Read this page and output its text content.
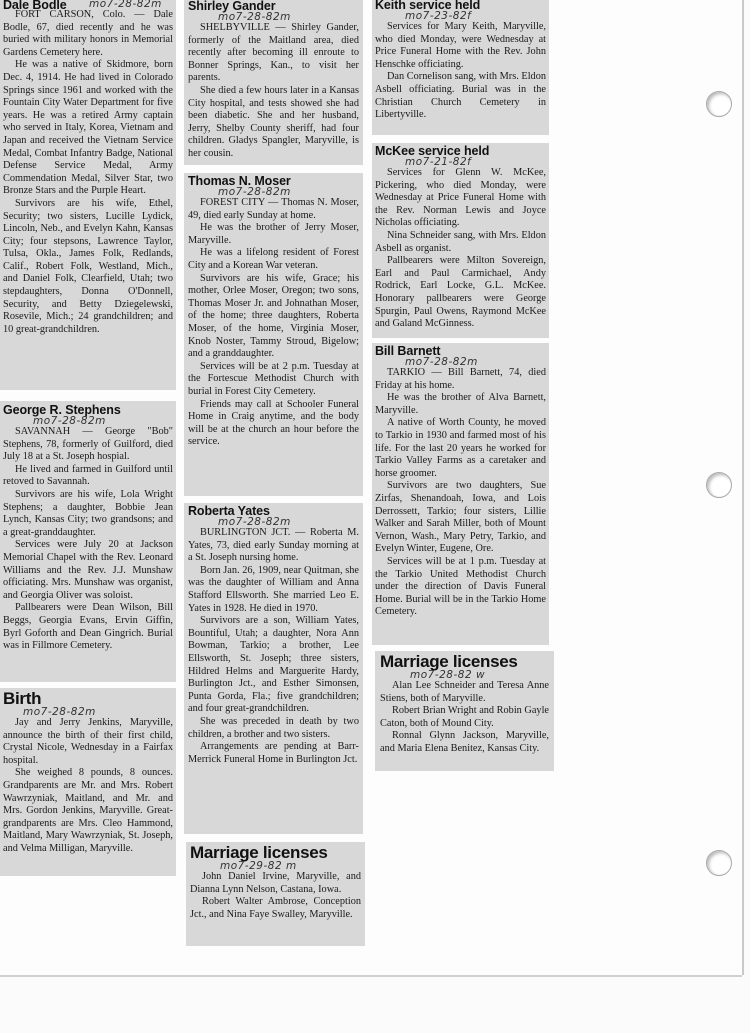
Dale Bodle	mo7-28-82m

FORT CARSON, Colo. — Dale Bodle, 67, died recently and he was buried with military honors in Memorial Gardens Cemetery here.

He was a native of Skidmore, born Dec. 4, 1914. He had lived in Colorado Springs since 1961 and worked with the Fountain City Water Department for five years. He was a retired Army captain who served in Italy, Korea, Vietnam and Japan and received the Vietnam Service Medal, Combat Infantry Badge, National Defense Service Medal, Army Commendation Medal, Silver Star, two Bronze Stars and the Purple Heart.

Survivors are his wife, Ethel, Security; two sisters, Lucille Lydick, Lincoln, Neb., and Evelyn Kahn, Kansas City; four stepsons, Lawrence Taylor, Tulsa, Okla., James Folk, Redlands, Calif., Robert Folk, Westland, Mich., and Daniel Folk, Clearfield, Utah; two stepdaughters, Donna O'Donnell, Security, and Betty Dziegelewski, Rosevile, Mich.; 24 grandchildren; and 10 great-grandchildren.

George R. Stephens
mo7-28-82m

SAVANNAH — George "Bob" Stephens, 78, formerly of Guilford, died July 18 at a St. Joseph hospial.

He lived and farmed in Guilford until retoved to Savannah.

Survivors are his wife, Lola Wright Stephens; a daughter, Bobbie Jean Lynch, Kansas City; two grandsons; and a great-granddaughter.

Services were July 20 at Jackson Memorial Chapel with the Rev. Leonard Williams and the Rev. J.J. Munshaw officiating. Mrs. Munshaw was organist, and Georgia Oliver was soloist.

Pallbearers were Dean Wilson, Bill Beggs, Georgia Evans, Ervin Giffin, Byrl Goforth and Dean Gingrich. Burial was in Fillmore Cemetery.

Birth
mo7-28-82m

Jay and Jerry Jenkins, Maryville, announce the birth of their first child, Crystal Nicole, Wednesday in a Fairfax hospital.

She weighed 8 pounds, 8 ounces. Grandparents are Mr. and Mrs. Robert Wawrzyniak, Maitland, and Mr. and Mrs. Gordon Jenkins, Maryville. Great-grandparents are Mrs. Cleo Hammond, Maitland, Mary Wawrzyniak, St. Joseph, and Velma Milligan, Maryville.

Shirley Gander
mo7-28-82m

SHELBYVILLE — Shirley Gander, formerly of the Maitland area, died recently after becoming ill enroute to Bonner Springs, Kan., to visit her parents.

She died a few hours later in a Kansas City hospital, and tests showed she had been diabetic. She and her husband, Jerry, Shelby County sheriff, had four children. Gladys Spangler, Maryville, is her cousin.

Thomas N. Moser
mo7-28-82m

FOREST CITY — Thomas N. Moser, 49, died early Sunday at home.

He was the brother of Jerry Moser, Maryville.

He was a lifelong resident of Forest City and a Korean War veteran.

Survivors are his wife, Grace; his mother, Orlee Moser, Oregon; two sons, Thomas Moser Jr. and Johnathan Moser, of the home; three daughters, Roberta Moser, of the home, Virginia Moser, Knob Noster, Tammy Stroud, Bigelow; and a granddaughter.

Services will be at 2 p.m. Tuesday at the Fortescue Methodist Church with burial in Forest City Cemetery.

Friends may call at Schooler Funeral Home in Craig anytime, and the body will be at the church an hour before the service.

Roberta Yates
mo7-28-82m

BURLINGTON JCT. — Roberta M. Yates, 73, died early Sunday morning at a St. Joseph nursing home.

Born Jan. 26, 1909, near Quitman, she was the daughter of William and Anna Stafford Ellsworth. She married Leo E. Yates in 1928. He died in 1970.

Survivors are a son, William Yates, Bountiful, Utah; a daughter, Nora Ann Bowman, Tarkio; a brother, Lee Ellsworth, St. Joseph; three sisters, Hildred Helms and Marguerite Hardy, Burlington Jct., and Esther Simonsen, Punta Gorda, Fla.; five grandchildren; and four great-grandchildren.

She was preceded in death by two children, a brother and two sisters.

Arrangements are pending at Barr-Merrick Funeral Home in Burlington Jct.

Marriage licenses
mo7-29-82 m

John Daniel Irvine, Maryville, and Dianna Lynn Nelson, Castana, Iowa.

Robert Walter Ambrose, Conception Jct., and Nina Faye Swalley, Maryville.

Keith service held
mo7-23-82f

Services for Mary Keith, Maryville, who died Monday, were Wednesday at Price Funeral Home with the Rev. John Henschke officiating.

Dan Cornelison sang, with Mrs. Eldon Asbell officiating. Burial was in the Christian Church Cemetery in Libertyville.

McKee service held
mo7-21-82f

Services for Glenn W. McKee, Pickering, who died Monday, were Wednesday at Price Funeral Home with the Rev. Norman Lewis and Joyce Nicholas officiating.

Nina Schneider sang, with Mrs. Eldon Asbell as organist.

Pallbearers were Milton Sovereign, Earl and Paul Carmichael, Andy Rodrick, Earl Locke, G.L. McKee. Honorary pallbearers were George Spurgin, Paul Owens, Raymond McKee and Galand McGinness.

Bill Barnett
mo7-28-82m

TARKIO — Bill Barnett, 74, died Friday at his home.

He was the brother of Alva Barnett, Maryville.

A native of Worth County, he moved to Tarkio in 1930 and farmed most of his life. For the last 20 years he worked for Tarkio Valley Farms as a caretaker and horse groomer.

Survivors are two daughters, Sue Zirfas, Shenandoah, Iowa, and Lois Derrossett, Tarkio; four sisters, Lillie Walker and Sarah Miller, both of Mount Vernon, Wash., Mary Petry, Tarkio, and Evelyn Winter, Eugene, Ore.

Services will be at 1 p.m. Tuesday at the Tarkio United Methodist Church under the direction of Davis Funeral Home. Burial will be in the Tarkio Home Cemetery.

Marriage licenses
mo7-28-82 w

Alan Lee Schneider and Teresa Anne Stiens, both of Maryville.

Robert Brian Wright and Robin Gayle Caton, both of Mound City.

Ronnal Glynn Jackson, Maryville, and Maria Elena Benitez, Kansas City.
